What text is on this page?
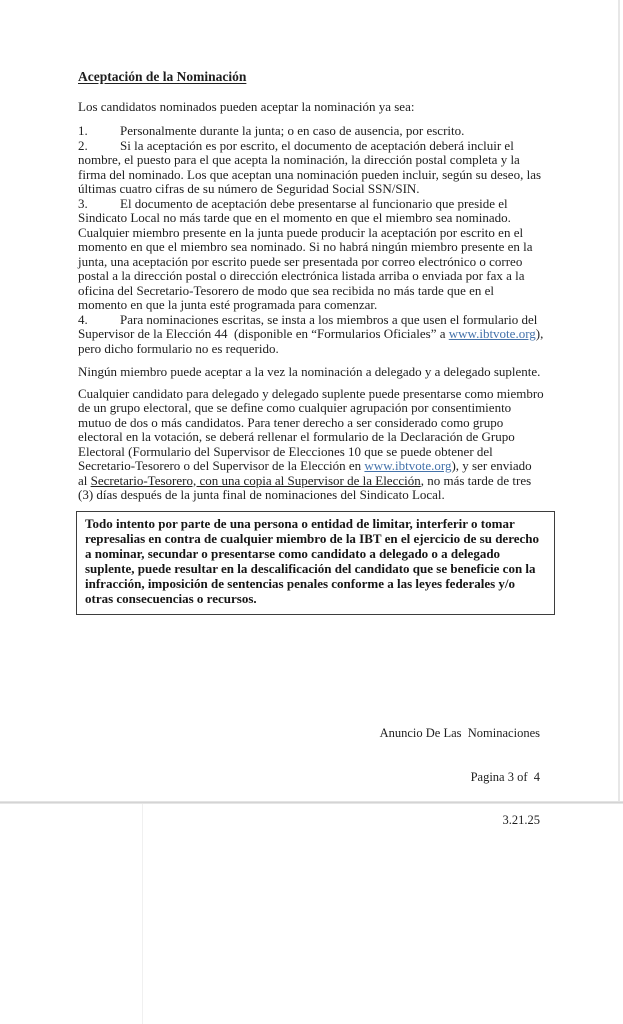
Aceptación de la Nominación

Los candidatos nominados pueden aceptar la nominación ya sea:

1. Personalmente durante la junta; o en caso de ausencia, por escrito.

2. Si la aceptación es por escrito, el documento de aceptación deberá incluir el nombre, el puesto para el que acepta la nominación, la dirección postal completa y la firma del nominado. Los que aceptan una nominación pueden incluir, según su deseo, las últimas cuatro cifras de su número de Seguridad Social SSN/SIN.

3. El documento de aceptación debe presentarse al funcionario que preside el Sindicato Local no más tarde que en el momento en que el miembro sea nominado. Cualquier miembro presente en la junta puede producir la aceptación por escrito en el momento en que el miembro sea nominado. Si no habrá ningún miembro presente en la junta, una aceptación por escrito puede ser presentada por correo electrónico o correo postal a la dirección postal o dirección electrónica listada arriba o enviada por fax a la oficina del Secretario-Tesorero de modo que sea recibida no más tarde que en el momento en que la junta esté programada para comenzar.

4. Para nominaciones escritas, se insta a los miembros a que usen el formulario del Supervisor de la Elección 44  (disponible en “Formularios Oficiales” a www.ibtvote.org), pero dicho formulario no es requerido.

Ningún miembro puede aceptar a la vez la nominación a delegado y a delegado suplente.

Cualquier candidato para delegado y delegado suplente puede presentarse como miembro de un grupo electoral, que se define como cualquier agrupación por consentimiento mutuo de dos o más candidatos. Para tener derecho a ser considerado como grupo electoral en la votación, se deberá rellenar el formulario de la Declaración de Grupo Electoral (Formulario del Supervisor de Elecciones 10 que se puede obtener del Secretario-Tesorero o del Supervisor de la Elección en www.ibtvote.org), y ser enviado  al Secretario-Tesorero, con una copia al Supervisor de la Elección, no más tarde de tres (3) días después de la junta final de nominaciones del Sindicato Local.

Todo intento por parte de una persona o entidad de limitar, interferir o tomar represalias en contra de cualquier miembro de la IBT en el ejercicio de su derecho a nominar, secundar o presentarse como candidato a delegado o a delegado suplente, puede resultar en la descalificación del candidato que se beneficie con la infracción, imposición de sentencias penales conforme a las leyes federales y/o otras consecuencias o recursos.

Anuncio De Las  Nominaciones

Pagina 3 of  4

3.21.25
